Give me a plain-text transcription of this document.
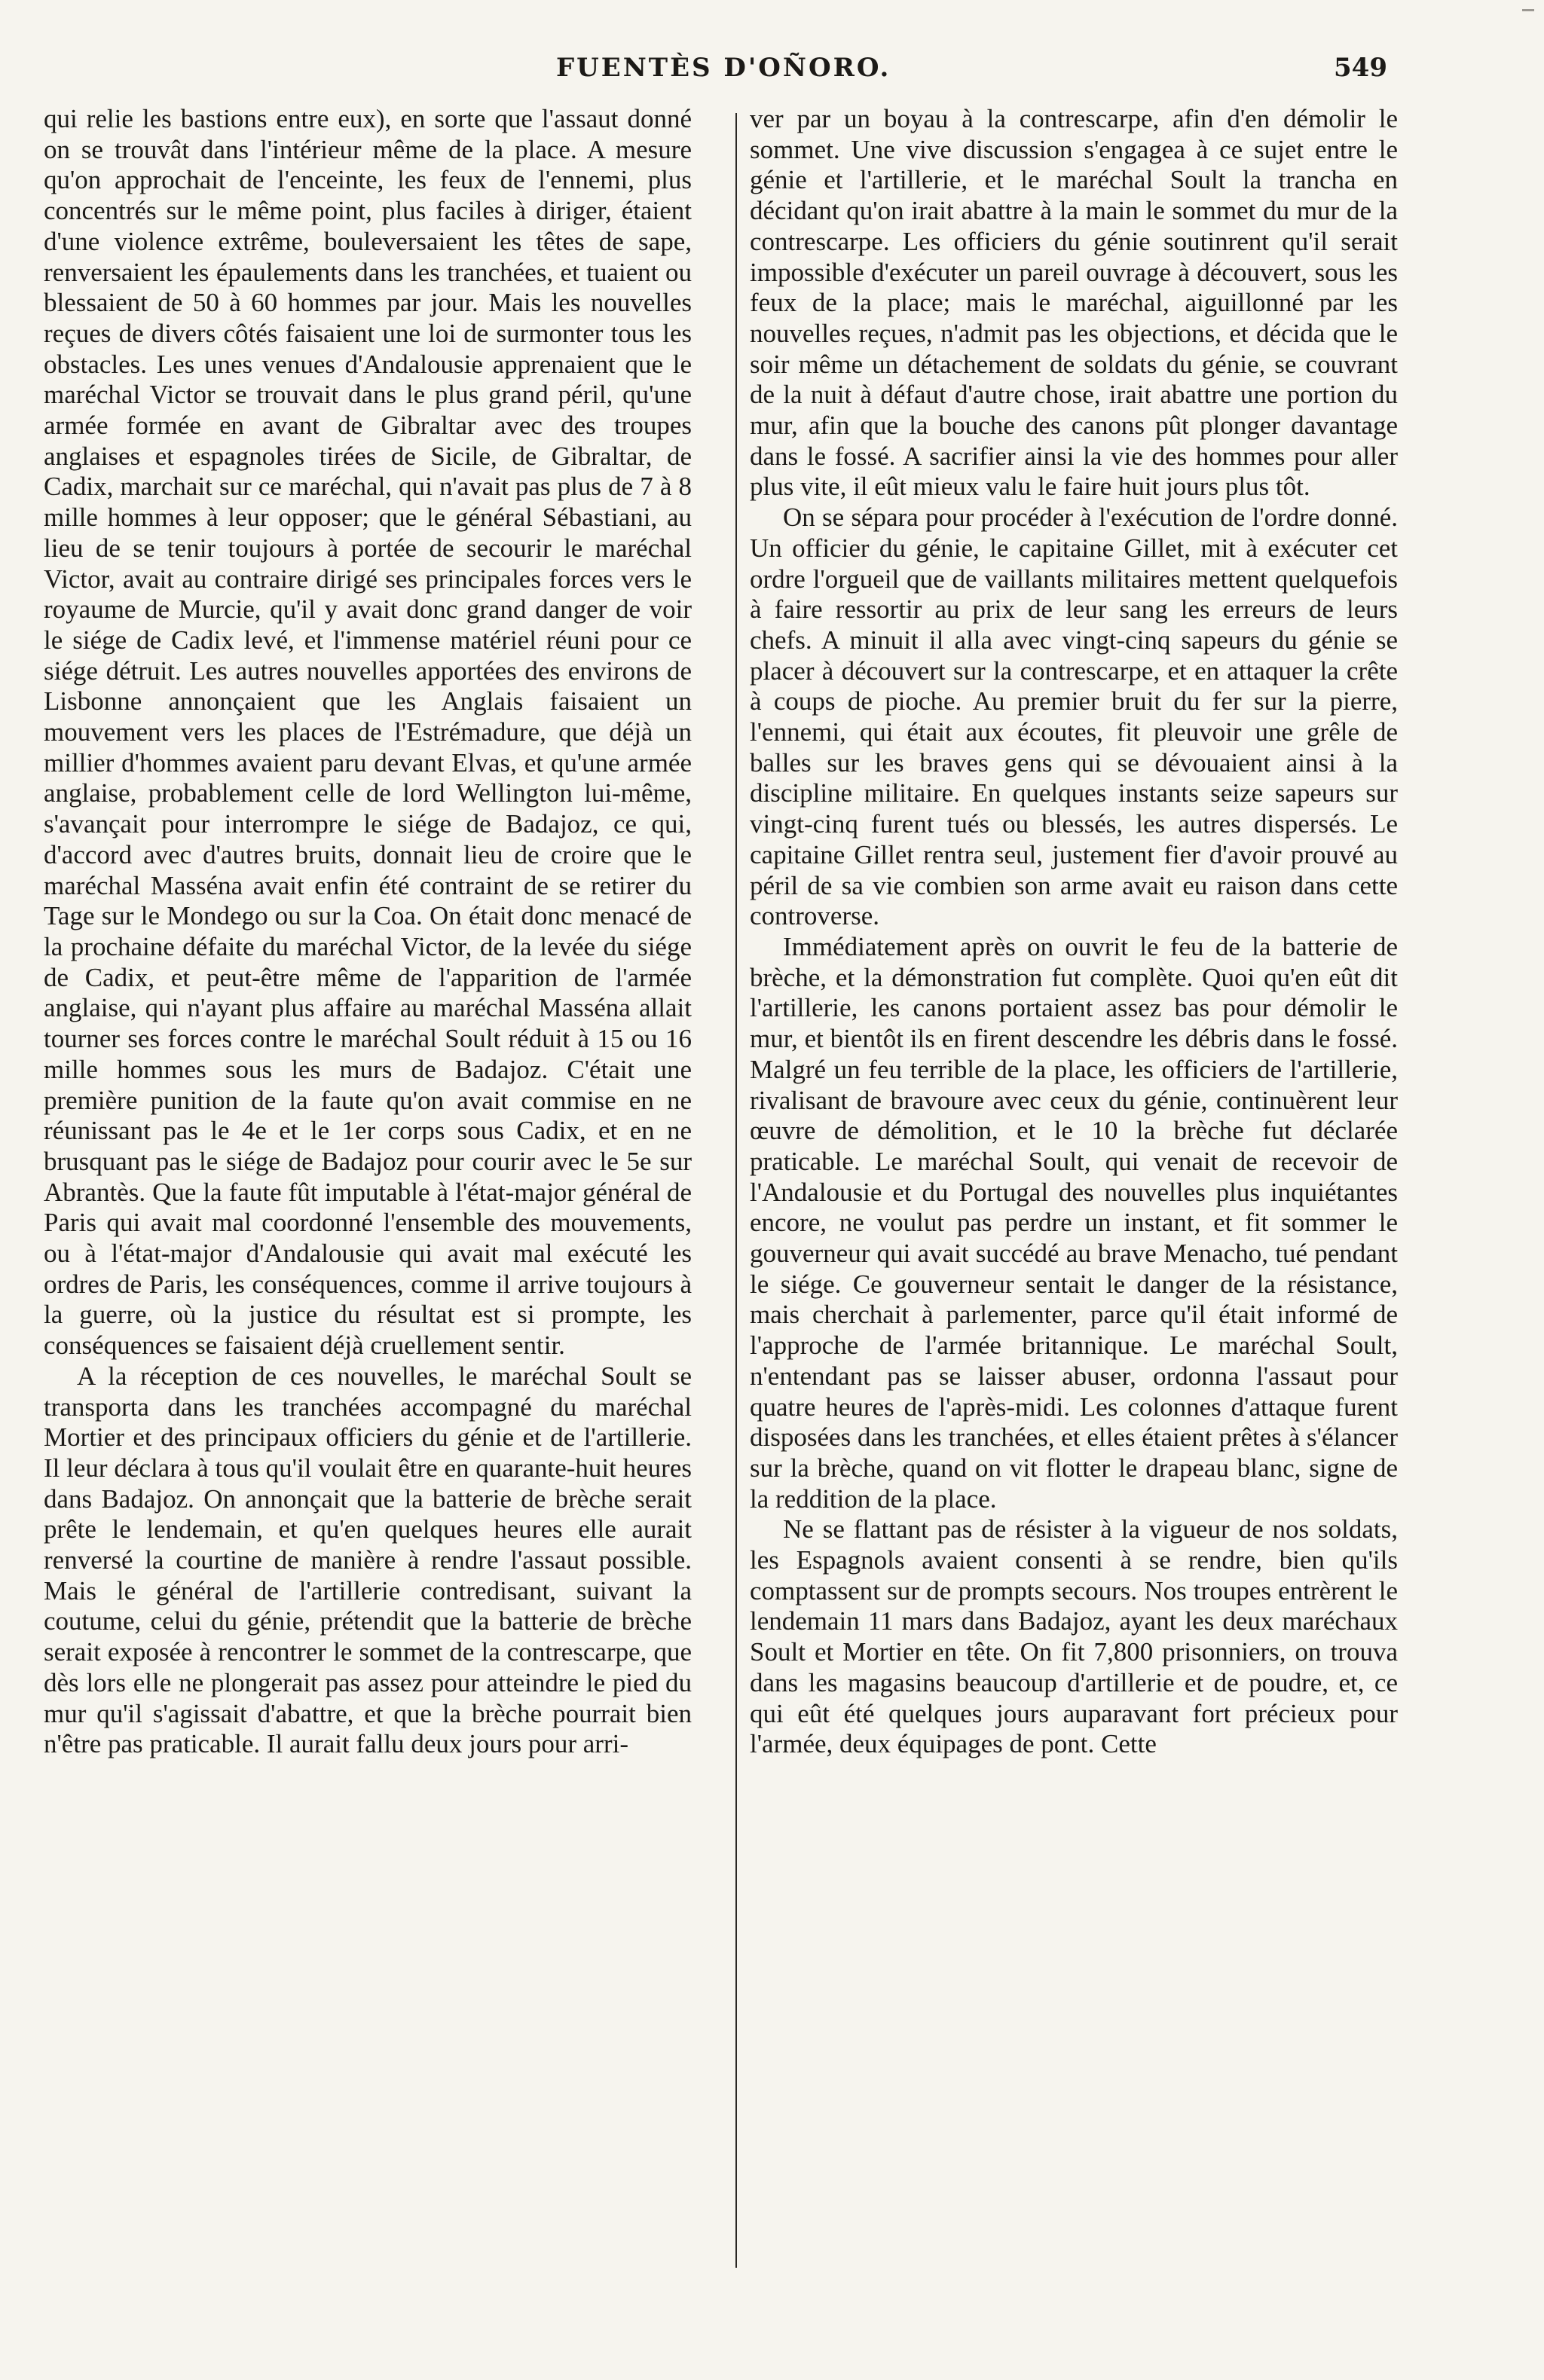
FUENTÈS D'OÑORO.	549

qui relie les bastions entre eux), en sorte que l'assaut donné on se trouvât dans l'intérieur même de la place. A mesure qu'on approchait de l'enceinte, les feux de l'ennemi, plus concentrés sur le même point, plus faciles à diriger, étaient d'une violence extrême, bouleversaient les têtes de sape, renversaient les épaulements dans les tranchées, et tuaient ou blessaient de 50 à 60 hommes par jour. Mais les nouvelles reçues de divers côtés faisaient une loi de surmonter tous les obstacles. Les unes venues d'Andalousie apprenaient que le maréchal Victor se trouvait dans le plus grand péril, qu'une armée formée en avant de Gibraltar avec des troupes anglaises et espagnoles tirées de Sicile, de Gibraltar, de Cadix, marchait sur ce maréchal, qui n'avait pas plus de 7 à 8 mille hommes à leur opposer; que le général Sébastiani, au lieu de se tenir toujours à portée de secourir le maréchal Victor, avait au contraire dirigé ses principales forces vers le royaume de Murcie, qu'il y avait donc grand danger de voir le siége de Cadix levé, et l'immense matériel réuni pour ce siége détruit. Les autres nouvelles apportées des environs de Lisbonne annonçaient que les Anglais faisaient un mouvement vers les places de l'Estrémadure, que déjà un millier d'hommes avaient paru devant Elvas, et qu'une armée anglaise, probablement celle de lord Wellington lui-même, s'avançait pour interrompre le siége de Badajoz, ce qui, d'accord avec d'autres bruits, donnait lieu de croire que le maréchal Masséna avait enfin été contraint de se retirer du Tage sur le Mondego ou sur la Coa. On était donc menacé de la prochaine défaite du maréchal Victor, de la levée du siége de Cadix, et peut-être même de l'apparition de l'armée anglaise, qui n'ayant plus affaire au maréchal Masséna allait tourner ses forces contre le maréchal Soult réduit à 15 ou 16 mille hommes sous les murs de Badajoz. C'était une première punition de la faute qu'on avait commise en ne réunissant pas le 4e et le 1er corps sous Cadix, et en ne brusquant pas le siége de Badajoz pour courir avec le 5e sur Abrantès. Que la faute fût imputable à l'état-major général de Paris qui avait mal coordonné l'ensemble des mouvements, ou à l'état-major d'Andalousie qui avait mal exécuté les ordres de Paris, les conséquences, comme il arrive toujours à la guerre, où la justice du résultat est si prompte, les conséquences se faisaient déjà cruellement sentir.

A la réception de ces nouvelles, le maréchal Soult se transporta dans les tranchées accompagné du maréchal Mortier et des principaux officiers du génie et de l'artillerie. Il leur déclara à tous qu'il voulait être en quarante-huit heures dans Badajoz. On annonçait que la batterie de brèche serait prête le lendemain, et qu'en quelques heures elle aurait renversé la courtine de manière à rendre l'assaut possible. Mais le général de l'artillerie contredisant, suivant la coutume, celui du génie, prétendit que la batterie de brèche serait exposée à rencontrer le sommet de la contrescarpe, que dès lors elle ne plongerait pas assez pour atteindre le pied du mur qu'il s'agissait d'abattre, et que la brèche pourrait bien n'être pas praticable. Il aurait fallu deux jours pour arri-

ver par un boyau à la contrescarpe, afin d'en démolir le sommet. Une vive discussion s'engagea à ce sujet entre le génie et l'artillerie, et le maréchal Soult la trancha en décidant qu'on irait abattre à la main le sommet du mur de la contrescarpe. Les officiers du génie soutinrent qu'il serait impossible d'exécuter un pareil ouvrage à découvert, sous les feux de la place; mais le maréchal, aiguillonné par les nouvelles reçues, n'admit pas les objections, et décida que le soir même un détachement de soldats du génie, se couvrant de la nuit à défaut d'autre chose, irait abattre une portion du mur, afin que la bouche des canons pût plonger davantage dans le fossé. A sacrifier ainsi la vie des hommes pour aller plus vite, il eût mieux valu le faire huit jours plus tôt.

On se sépara pour procéder à l'exécution de l'ordre donné. Un officier du génie, le capitaine Gillet, mit à exécuter cet ordre l'orgueil que de vaillants militaires mettent quelquefois à faire ressortir au prix de leur sang les erreurs de leurs chefs. A minuit il alla avec vingt-cinq sapeurs du génie se placer à découvert sur la contrescarpe, et en attaquer la crête à coups de pioche. Au premier bruit du fer sur la pierre, l'ennemi, qui était aux écoutes, fit pleuvoir une grêle de balles sur les braves gens qui se dévouaient ainsi à la discipline militaire. En quelques instants seize sapeurs sur vingt-cinq furent tués ou blessés, les autres dispersés. Le capitaine Gillet rentra seul, justement fier d'avoir prouvé au péril de sa vie combien son arme avait eu raison dans cette controverse.

Immédiatement après on ouvrit le feu de la batterie de brèche, et la démonstration fut complète. Quoi qu'en eût dit l'artillerie, les canons portaient assez bas pour démolir le mur, et bientôt ils en firent descendre les débris dans le fossé. Malgré un feu terrible de la place, les officiers de l'artillerie, rivalisant de bravoure avec ceux du génie, continuèrent leur œuvre de démolition, et le 10 la brèche fut déclarée praticable. Le maréchal Soult, qui venait de recevoir de l'Andalousie et du Portugal des nouvelles plus inquiétantes encore, ne voulut pas perdre un instant, et fit sommer le gouverneur qui avait succédé au brave Menacho, tué pendant le siége. Ce gouverneur sentait le danger de la résistance, mais cherchait à parlementer, parce qu'il était informé de l'approche de l'armée britannique. Le maréchal Soult, n'entendant pas se laisser abuser, ordonna l'assaut pour quatre heures de l'après-midi. Les colonnes d'attaque furent disposées dans les tranchées, et elles étaient prêtes à s'élancer sur la brèche, quand on vit flotter le drapeau blanc, signe de la reddition de la place.

Ne se flattant pas de résister à la vigueur de nos soldats, les Espagnols avaient consenti à se rendre, bien qu'ils comptassent sur de prompts secours. Nos troupes entrèrent le lendemain 11 mars dans Badajoz, ayant les deux maréchaux Soult et Mortier en tête. On fit 7,800 prisonniers, on trouva dans les magasins beaucoup d'artillerie et de poudre, et, ce qui eût été quelques jours auparavant fort précieux pour l'armée, deux équipages de pont. Cette
